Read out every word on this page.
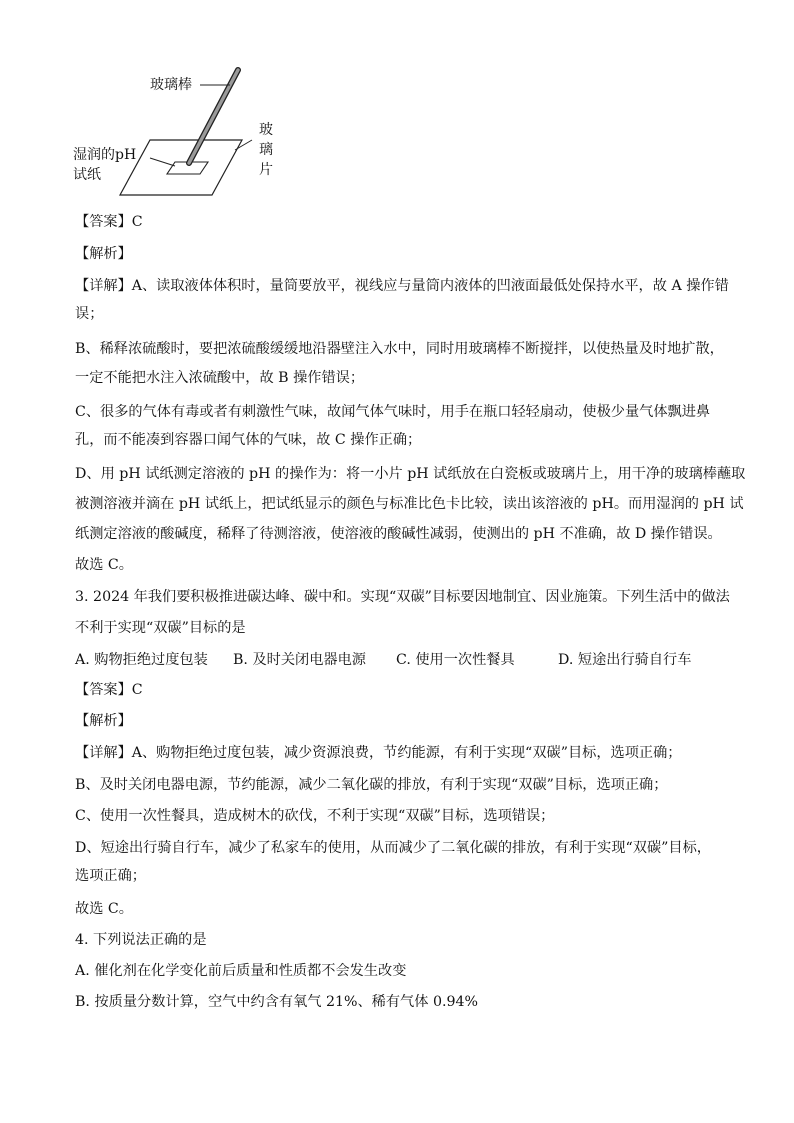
玻璃棒
玻
璃
片
湿润的pH
试纸
【答案】C
【解析】
【详解】A、读取液体体积时，量筒要放平，视线应与量筒内液体的凹液面最低处保持水平，故 A 操作错
误；
B、稀释浓硫酸时，要把浓硫酸缓缓地沿器壁注入水中，同时用玻璃棒不断搅拌，以使热量及时地扩散，
一定不能把水注入浓硫酸中，故 B 操作错误；
C、很多的气体有毒或者有刺激性气味，故闻气体气味时，用手在瓶口轻轻扇动，使极少量气体飘进鼻
孔，而不能凑到容器口闻气体的气味，故 C 操作正确；
D、用 pH 试纸测定溶液的 pH 的操作为：将一小片 pH 试纸放在白瓷板或玻璃片上，用干净的玻璃棒蘸取
被测溶液并滴在 pH 试纸上，把试纸显示的颜色与标准比色卡比较，读出该溶液的 pH。而用湿润的 pH 试
纸测定溶液的酸碱度，稀释了待测溶液，使溶液的酸碱性减弱，使测出的 pH 不准确，故 D 操作错误。
故选 C。
3. 2024 年我们要积极推进碳达峰、碳中和。实现“双碳”目标要因地制宜、因业施策。下列生活中的做法
不利于实现“双碳”目标的是
A. 购物拒绝过度包装 B. 及时关闭电器电源 C. 使用一次性餐具	D. 短途出行骑自行车
【答案】C
【解析】
【详解】A、购物拒绝过度包装，减少资源浪费，节约能源，有利于实现“双碳”目标，选项正确；
B、及时关闭电器电源，节约能源，减少二氧化碳的排放，有利于实现“双碳”目标，选项正确；
C、使用一次性餐具，造成树木的砍伐，不利于实现“双碳”目标，选项错误；
D、短途出行骑自行车，减少了私家车的使用，从而减少了二氧化碳的排放，有利于实现“双碳”目标，
选项正确；
故选 C。
4. 下列说法正确的是
A. 催化剂在化学变化前后质量和性质都不会发生改变
B. 按质量分数计算，空气中约含有氧气 21%、稀有气体 0.94%
